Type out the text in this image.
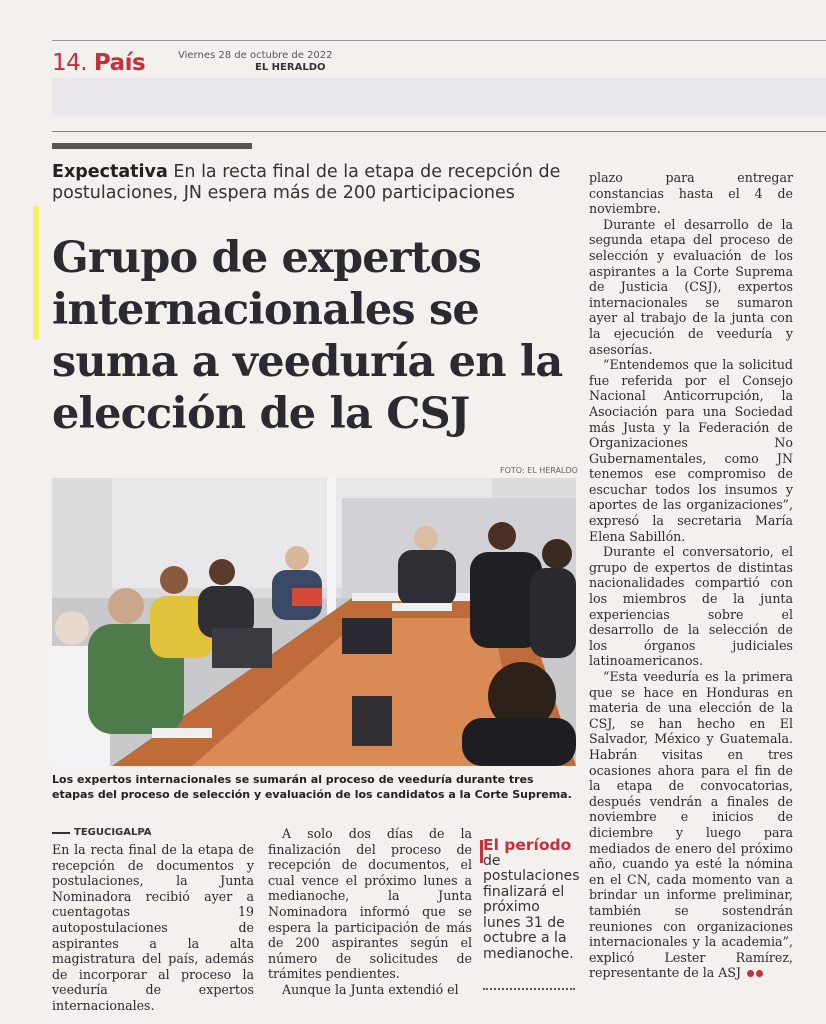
14. País	Viernes 28 de octubre de 2022
EL HERALDO
Expectativa En la recta final de la etapa de recepción de postulaciones, JN espera más de 200 participaciones
Grupo de expertos internacionales se suma a veeduría en la elección de la CSJ
FOTO: EL HERALDO
Los expertos internacionales se sumarán al proceso de veeduría durante tres etapas del proceso de selección y evaluación de los candidatos a la Corte Suprema.

plazo para entregar constancias hasta el 4 de noviembre.

Durante el desarrollo de la segunda etapa del proceso de selección y evaluación de los aspirantes a la Corte Suprema de Justicia (CSJ), expertos internacionales se sumaron ayer al trabajo de la junta con la ejecución de veeduría y asesorías.

“Entendemos que la solicitud fue referida por el Consejo Nacional Anticorrupción, la Asociación para una Sociedad más Justa y la Federación de Organizaciones No Gubernamentales, como JN tenemos ese compromiso de escuchar todos los insumos y aportes de las organizaciones”, expresó la secretaria María Elena Sabillón.

Durante el conversatorio, el grupo de expertos de distintas nacionalidades compartió con los miembros de la junta experiencias sobre el desarrollo de la selección de los órganos judiciales latinoamericanos.

“Esta veeduría es la primera que se hace en Honduras en materia de una elección de la CSJ, se han hecho en El Salvador, México y Guatemala. Habrán visitas en tres ocasiones ahora para el fin de la etapa de convocatorias, después vendrán a finales de noviembre e inicios de diciembre y luego para mediados de enero del próximo año, cuando ya esté la nómina en el CN, cada momento van a brindar un informe preliminar, también se sostendrán reuniones con organizaciones internacionales y la academia”, explicó Lester Ramírez, representante de la ASJ

TEGUCIGALPA

En la recta final de la etapa de recepción de documentos y postulaciones, la Junta Nominadora recibió ayer a cuentagotas 19 autopostulaciones de aspirantes a la alta magistratura del país, además de incorporar al proceso la veeduría de expertos internacionales.

A solo dos días de la finalización del proceso de recepción de documentos, el cual vence el próximo lunes a medianoche, la Junta Nominadora informó que se espera la participación de más de 200 aspirantes según el número de solicitudes de trámites pendientes.

Aunque la Junta extendió el

El período
de postulaciones finalizará el próximo lunes 31 de octubre a la medianoche.
